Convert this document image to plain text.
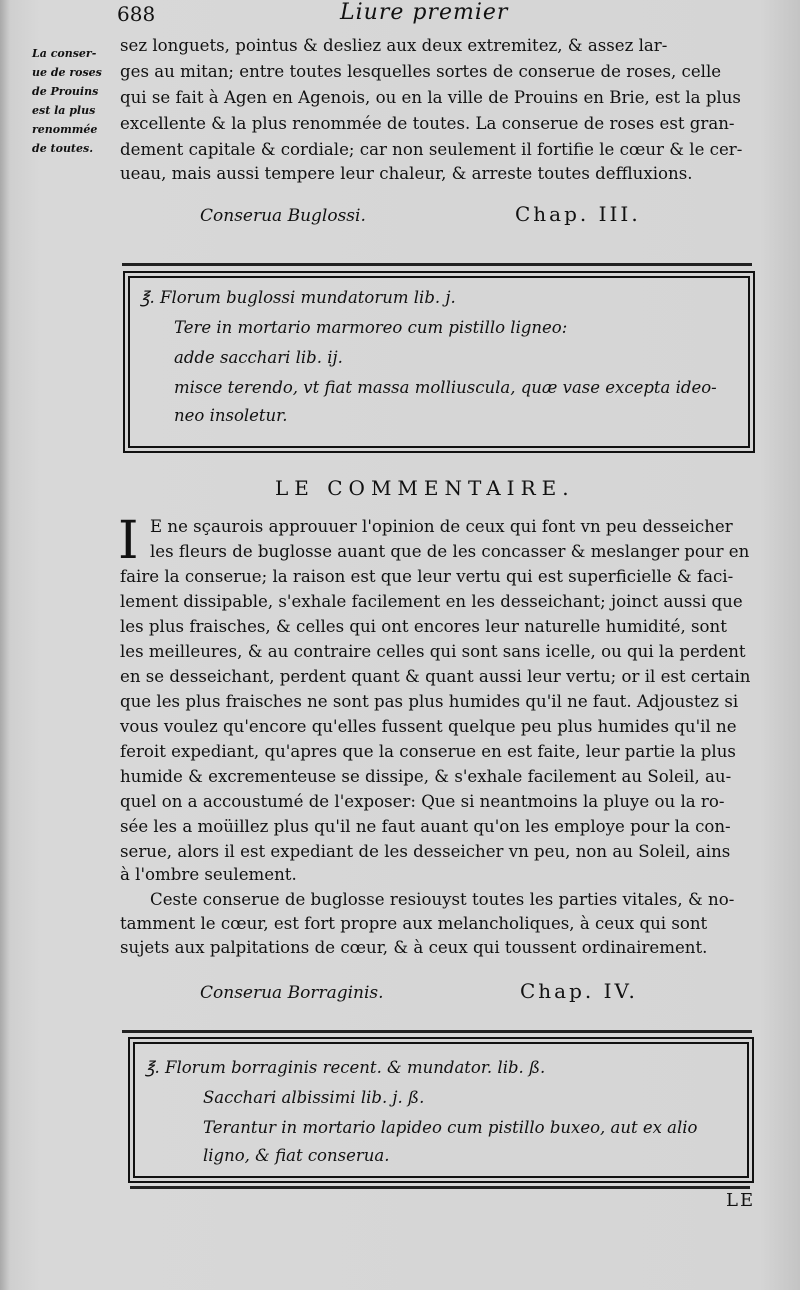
688	Liure premier
La conser-
ue de roses
de Prouins
est la plus
renommée
de toutes.
sez longuets, pointus & desliez aux deux extremitez, & assez lar-
ges au mitan; entre toutes lesquelles sortes de conserue de roses, celle
qui se fait à Agen en Agenois, ou en la ville de Prouins en Brie, est la plus
excellente & la plus renommée de toutes. La conserue de roses est gran-
dement capitale & cordiale; car non seulement il fortifie le cœur & le cer-
ueau, mais aussi tempere leur chaleur, & arreste toutes deffluxions.
Conserua Buglossi.	Chap. III.
℥. Florum buglossi mundatorum lib. j.
Tere in mortario marmoreo cum pistillo ligneo:
adde sacchari lib. ij.
misce terendo, vt fiat massa molliuscula, quæ vase excepta ideo-
neo insoletur.
LE COMMENTAIRE.
I E ne sçaurois approuuer l'opinion de ceux qui font vn peu desseicher
les fleurs de buglosse auant que de les concasser & meslanger pour en
faire la conserue; la raison est que leur vertu qui est superficielle & faci-
lement dissipable, s'exhale facilement en les desseichant; joinct aussi que
les plus fraisches, & celles qui ont encores leur naturelle humidité, sont
les meilleures, & au contraire celles qui sont sans icelle, ou qui la perdent
en se desseichant, perdent quant & quant aussi leur vertu; or il est certain
que les plus fraisches ne sont pas plus humides qu'il ne faut. Adjoustez si
vous voulez qu'encore qu'elles fussent quelque peu plus humides qu'il ne
feroit expediant, qu'apres que la conserue en est faite, leur partie la plus
humide & excrementeuse se dissipe, & s'exhale facilement au Soleil, au-
quel on a accoustumé de l'exposer: Que si neantmoins la pluye ou la ro-
sée les a moüillez plus qu'il ne faut auant qu'on les employe pour la con-
serue, alors il est expediant de les desseicher vn peu, non au Soleil, ains
à l'ombre seulement.
Ceste conserue de buglosse resiouyst toutes les parties vitales, & no-
tamment le cœur, est fort propre aux melancholiques, à ceux qui sont
sujets aux palpitations de cœur, & à ceux qui toussent ordinairement.
Conserua Borraginis.	Chap. IV.
℥. Florum borraginis recent. & mundator. lib. ß.
Sacchari albissimi lib. j. ß.
Terantur in mortario lapideo cum pistillo buxeo, aut ex alio
ligno, & fiat conserua.
LE
